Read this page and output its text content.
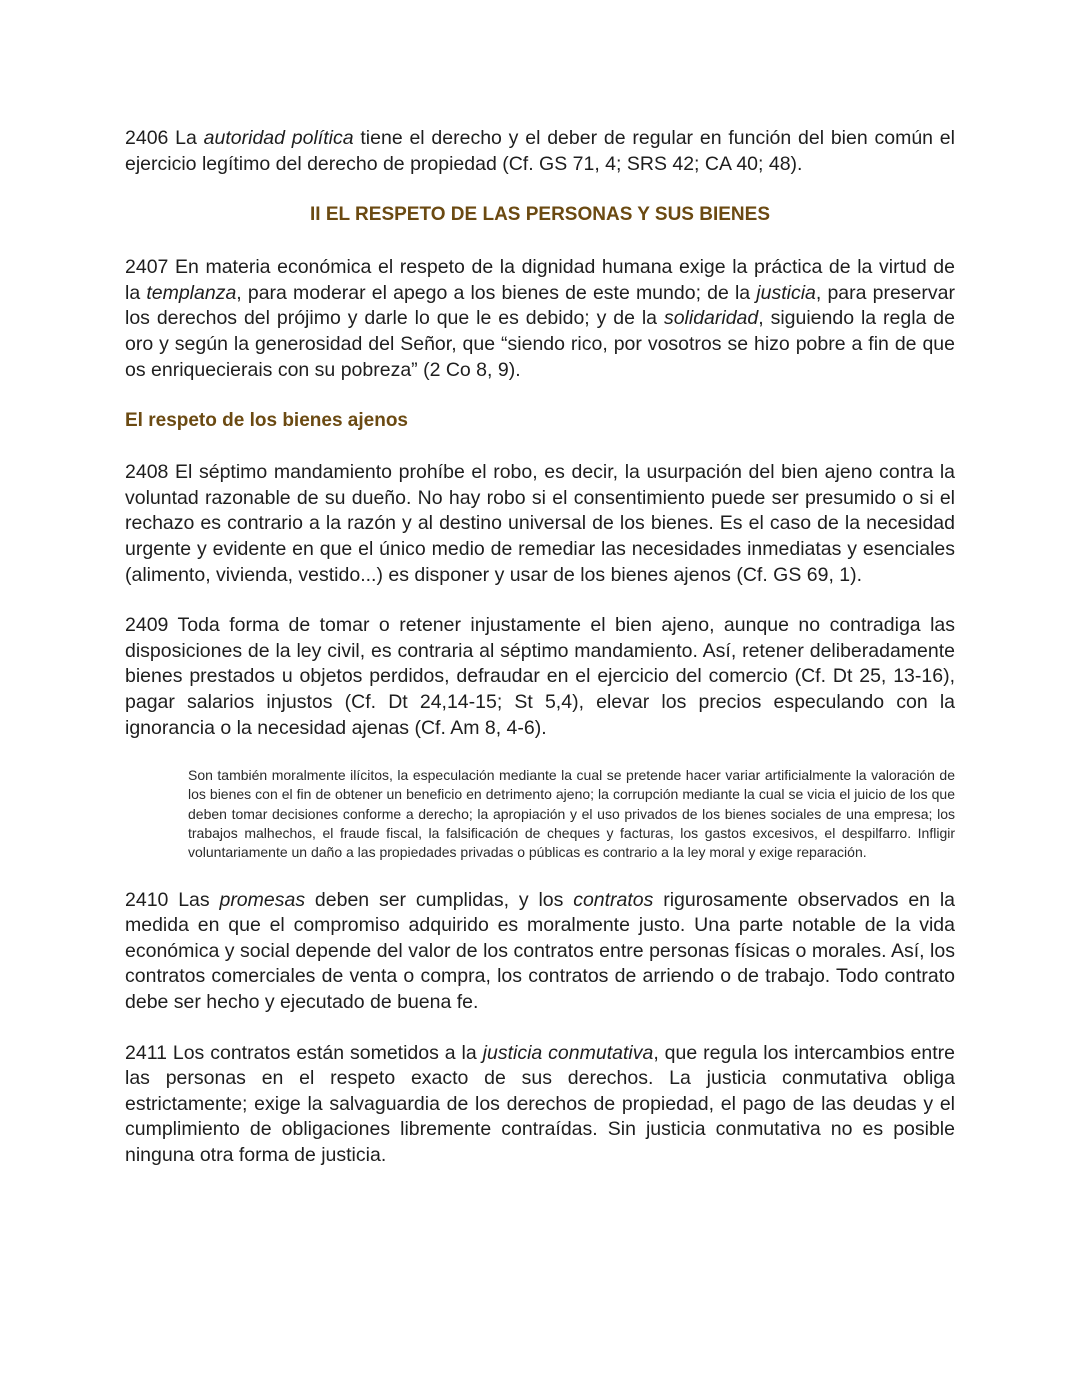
2406 La autoridad política tiene el derecho y el deber de regular en función del bien común el ejercicio legítimo del derecho de propiedad (Cf. GS 71, 4; SRS 42; CA 40; 48).

II EL RESPETO DE LAS PERSONAS Y SUS BIENES

2407 En materia económica el respeto de la dignidad humana exige la práctica de la virtud de la templanza, para moderar el apego a los bienes de este mundo; de la justicia, para preservar los derechos del prójimo y darle lo que le es debido; y de la solidaridad, siguiendo la regla de oro y según la generosidad del Señor, que “siendo rico, por vosotros se hizo pobre a fin de que os enriquecierais con su pobreza” (2 Co 8, 9).

El respeto de los bienes ajenos

2408 El séptimo mandamiento prohíbe el robo, es decir, la usurpación del bien ajeno contra la voluntad razonable de su dueño. No hay robo si el consentimiento puede ser presumido o si el rechazo es contrario a la razón y al destino universal de los bienes. Es el caso de la necesidad urgente y evidente en que el único medio de remediar las necesidades inmediatas y esenciales (alimento, vivienda, vestido...) es disponer y usar de los bienes ajenos (Cf. GS 69, 1).

2409 Toda forma de tomar o retener injustamente el bien ajeno, aunque no contradiga las disposiciones de la ley civil, es contraria al séptimo mandamiento. Así, retener deliberadamente bienes prestados u objetos perdidos, defraudar en el ejercicio del comercio (Cf. Dt 25, 13-16), pagar salarios injustos (Cf. Dt 24,14-15; St 5,4), elevar los precios especulando con la ignorancia o la necesidad ajenas (Cf. Am 8, 4-6).

Son también moralmente ilícitos, la especulación mediante la cual se pretende hacer variar artificialmente la valoración de los bienes con el fin de obtener un beneficio en detrimento ajeno; la corrupción mediante la cual se vicia el juicio de los que deben tomar decisiones conforme a derecho; la apropiación y el uso privados de los bienes sociales de una empresa; los trabajos malhechos, el fraude fiscal, la falsificación de cheques y facturas, los gastos excesivos, el despilfarro. Infligir voluntariamente un daño a las propiedades privadas o públicas es contrario a la ley moral y exige reparación.

2410 Las promesas deben ser cumplidas, y los contratos rigurosamente observados en la medida en que el compromiso adquirido es moralmente justo. Una parte notable de la vida económica y social depende del valor de los contratos entre personas físicas o morales. Así, los contratos comerciales de venta o compra, los contratos de arriendo o de trabajo. Todo contrato debe ser hecho y ejecutado de buena fe.

2411 Los contratos están sometidos a la justicia conmutativa, que regula los intercambios entre las personas en el respeto exacto de sus derechos. La justicia conmutativa obliga estrictamente; exige la salvaguardia de los derechos de propiedad, el pago de las deudas y el cumplimiento de obligaciones libremente contraídas. Sin justicia conmutativa no es posible ninguna otra forma de justicia.
